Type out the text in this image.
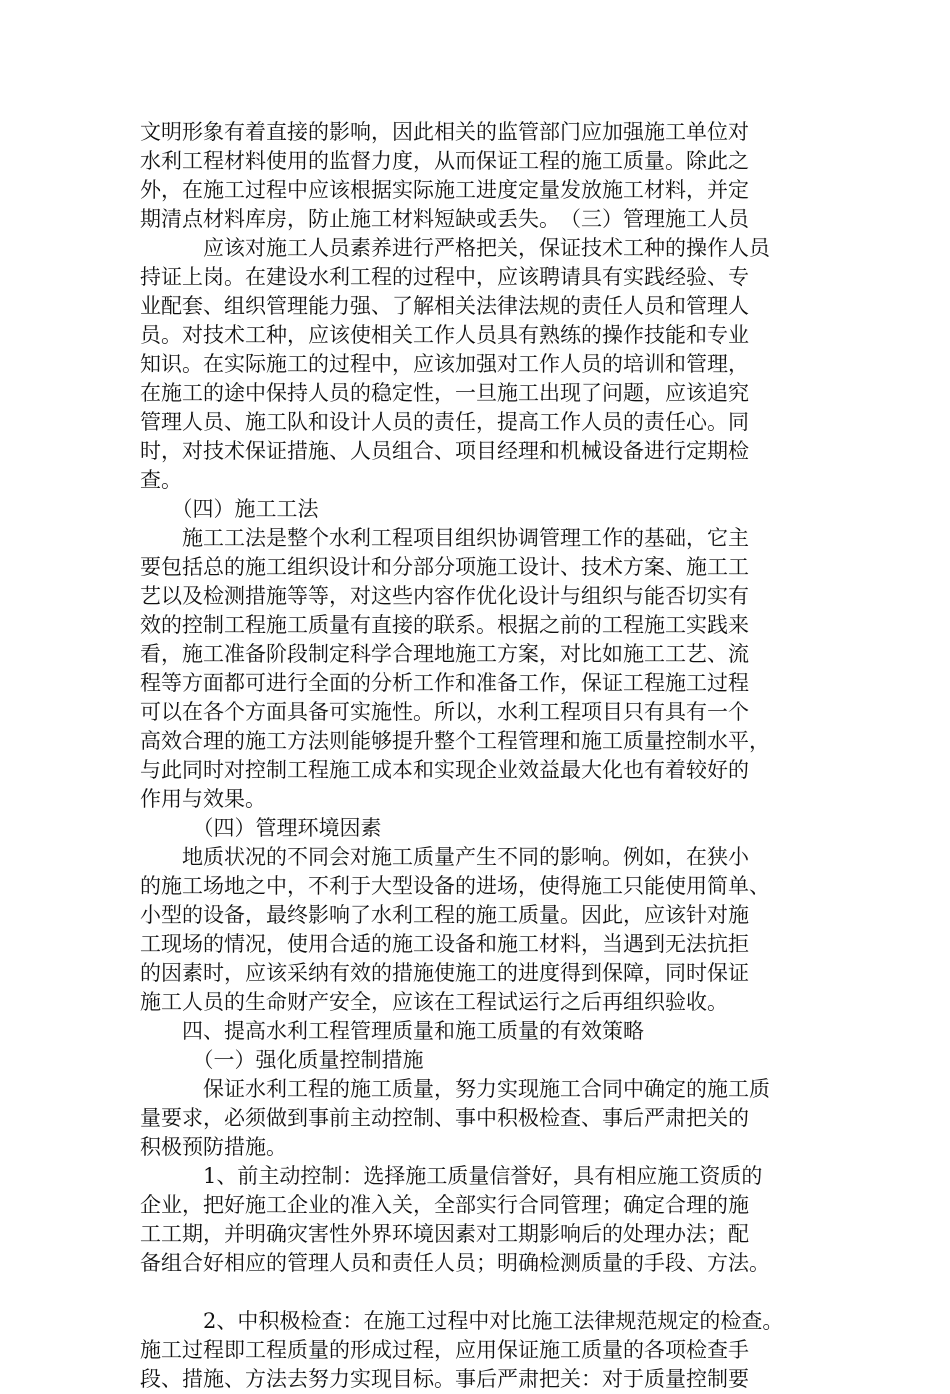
文明形象有着直接的影响，因此相关的监管部门应加强施工单位对
水利工程材料使用的监督力度，从而保证工程的施工质量。除此之
外，在施工过程中应该根据实际施工进度定量发放施工材料，并定
期清点材料库房，防止施工材料短缺或丢失。　（三）管理施工人员
　　　应该对施工人员素养进行严格把关，保证技术工种的操作人员
持证上岗。在建设水利工程的过程中，应该聘请具有实践经验、专
业配套、组织管理能力强、了解相关法律法规的责任人员和管理人
员。对技术工种，应该使相关工作人员具有熟练的操作技能和专业
知识。在实际施工的过程中，应该加强对工作人员的培训和管理，
在施工的途中保持人员的稳定性，一旦施工出现了问题，应该追究
管理人员、施工队和设计人员的责任，提高工作人员的责任心。同
时，对技术保证措施、人员组合、项目经理和机械设备进行定期检
查。
　　（四）施工工法
　　施工工法是整个水利工程项目组织协调管理工作的基础，它主
要包括总的施工组织设计和分部分项施工设计、技术方案、施工工
艺以及检测措施等等，对这些内容作优化设计与组织与能否切实有
效的控制工程施工质量有直接的联系。根据之前的工程施工实践来
看，施工准备阶段制定科学合理地施工方案，对比如施工工艺、流
程等方面都可进行全面的分析工作和准备工作，保证工程施工过程
可以在各个方面具备可实施性。所以，水利工程项目只有具有一个
高效合理的施工方法则能够提升整个工程管理和施工质量控制水平，
与此同时对控制工程施工成本和实现企业效益最大化也有着较好的
作用与效果。
　　　（四）管理环境因素
　　地质状况的不同会对施工质量产生不同的影响。例如，在狭小
的施工场地之中，不利于大型设备的进场，使得施工只能使用简单、
小型的设备，最终影响了水利工程的施工质量。因此，应该针对施
工现场的情况，使用合适的施工设备和施工材料，当遇到无法抗拒
的因素时，应该采纳有效的措施使施工的进度得到保障，同时保证
施工人员的生命财产安全，应该在工程试运行之后再组织验收。
　　四、提高水利工程管理质量和施工质量的有效策略
　　　（一）强化质量控制措施
　　　保证水利工程的施工质量，努力实现施工合同中确定的施工质
量要求，必须做到事前主动控制、事中积极检查、事后严肃把关的
积极预防措施。
　　　1、前主动控制：选择施工质量信誉好，具有相应施工资质的
企业，把好施工企业的准入关，全部实行合同管理；确定合理的施
工工期，并明确灾害性外界环境因素对工期影响后的处理办法；配
备组合好相应的管理人员和责任人员；明确检测质量的手段、方法。
　　　2、中积极检查：在施工过程中对比施工法律规范规定的检查。
施工过程即工程质量的形成过程，应用保证施工质量的各项检查手
段、措施、方法去努力实现目标。事后严肃把关：对于质量控制要
